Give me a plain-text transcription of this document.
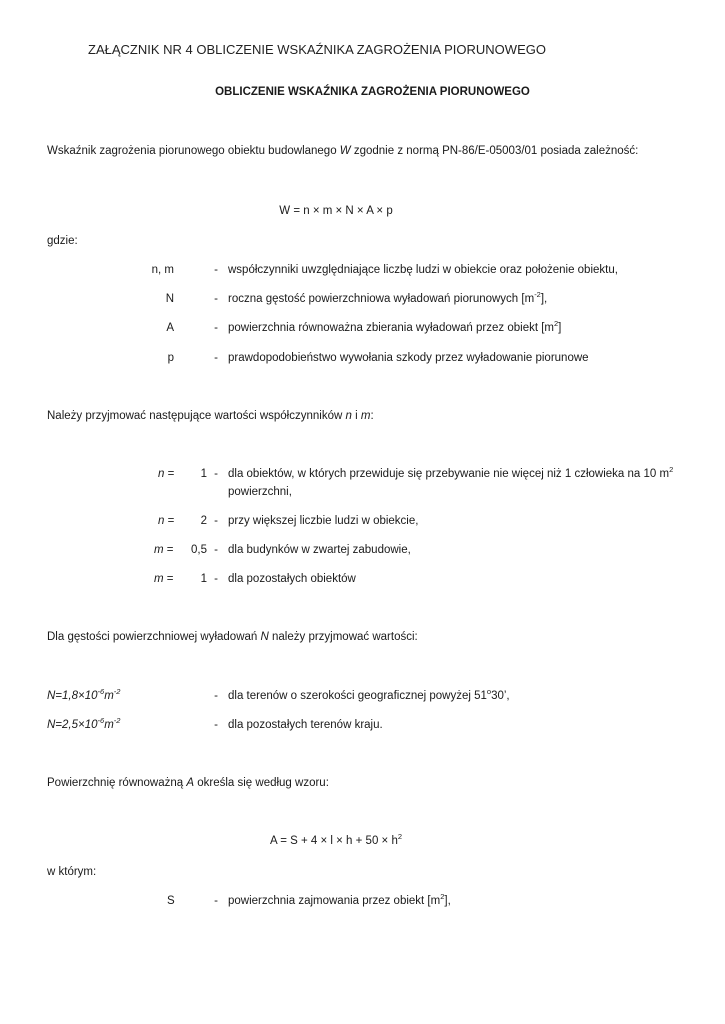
ZAŁĄCZNIK NR 4 OBLICZENIE WSKAŹNIKA ZAGROŻENIA PIORUNOWEGO
OBLICZENIE WSKAŹNIKA ZAGROŻENIA PIORUNOWEGO
Wskaźnik zagrożenia piorunowego obiektu budowlanego W zgodnie z normą PN-86/E-05003/01 posiada zależność:
W = n × m × N × A × p
gdzie:
n, m	- współczynniki uwzględniające liczbę ludzi w obiekcie oraz położenie obiektu,
N	- roczna gęstość powierzchniowa wyładowań piorunowych $[m^{-2}]$,
A	- powierzchnia równoważna zbierania wyładowań przez obiekt $[m^2]$
p	- prawdopodobieństwo wywołania szkody przez wyładowanie piorunowe
Należy przyjmować następujące wartości współczynników n i m:
n =	1 - dla obiektów, w których przewiduje się przebywanie nie więcej niż 1 człowieka na 10 $m^2$
powierzchni,
n =	2 - przy większej liczbie ludzi w obiekcie,
m =	0,5 - dla budynków w zwartej zabudowie,
m =	1 - dla pozostałych obiektów
Dla gęstości powierzchniowej wyładowań N należy przyjmować wartości:
$N=1,8\times 10^{-6}m^{-2}$	- dla terenów o szerokości geograficznej powyżej 51$^o$30’,
$N=2,5\times 10^{-6}m^{-2}$	- dla pozostałych terenów kraju.
Powierzchnię równoważną A określa się według wzoru:
$A = S + 4 \times l \times h + 50 \times h^2$
w którym:
S	- powierzchnia zajmowania przez obiekt $[m^2]$,
